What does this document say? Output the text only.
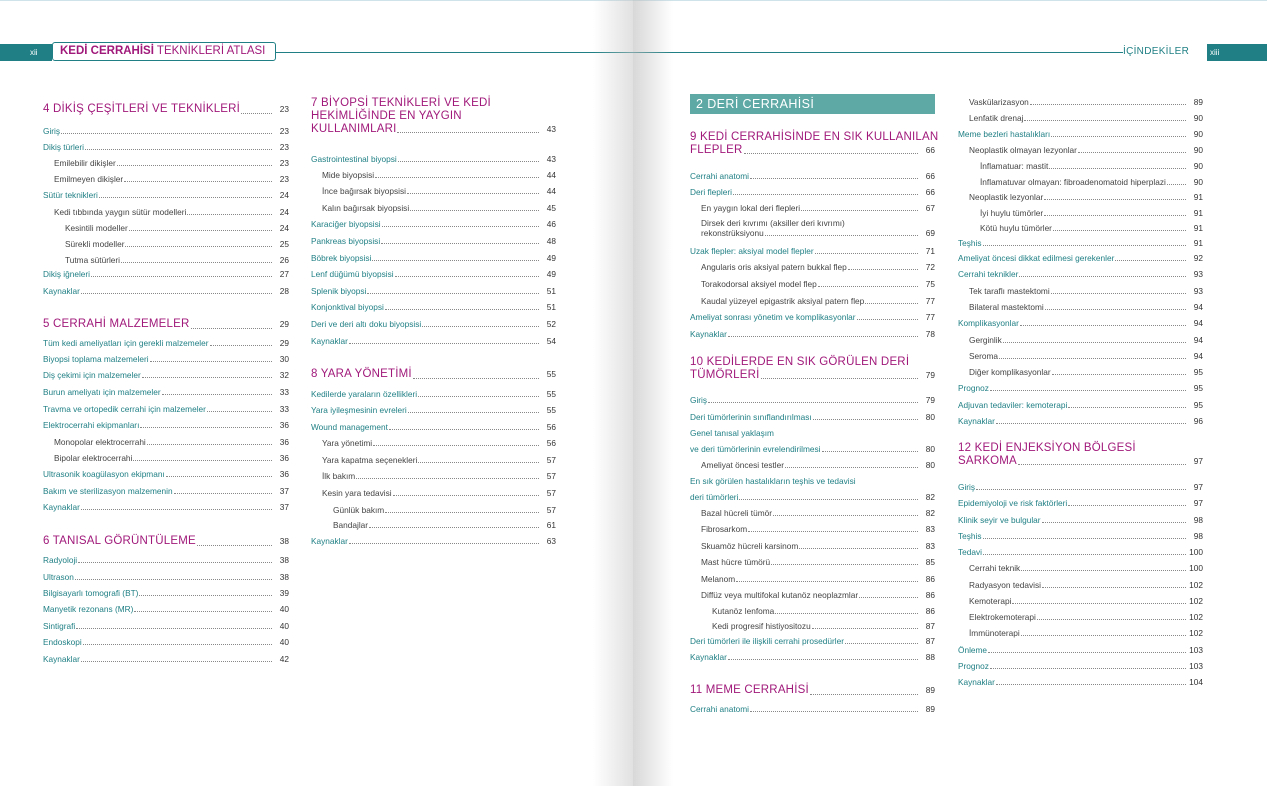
xii	KEDİ CERRAHİSİ TEKNİKLERİ ATLASI	İÇİNDEKİLER	xiii
2 DERİ CERRAHİSİ
4 DİKİŞ ÇEŞİTLERİ VE TEKNİKLERİ	23
Giriş	23
Dikiş türleri	23
Emilebilir dikişler	23
Emilmeyen dikişler	23
Sütür teknikleri	24
Kedi tıbbında yaygın sütür modelleri	24
Kesintili modeller	24
Sürekli modeller	25
Tutma sütürleri	26
Dikiş iğneleri	27
Kaynaklar	28
5 CERRAHİ MALZEMELER	29
Tüm kedi ameliyatları için gerekli malzemeler	29
Biyopsi toplama malzemeleri	30
Diş çekimi için malzemeler	32
Burun ameliyatı için malzemeler	33
Travma ve ortopedik cerrahi için malzemeler	33
Elektrocerrahi ekipmanları	36
Monopolar elektrocerrahi	36
Bipolar elektrocerrahi	36
Ultrasonik koagülasyon ekipmanı	36
Bakım ve sterilizasyon malzemenin	37
Kaynaklar	37
6 TANISAL GÖRÜNTÜLEME	38
Radyoloji	38
Ultrason	38
Bilgisayarlı tomografi (BT)	39
Manyetik rezonans (MR)	40
Sintigrafi	40
Endoskopi	40
Kaynaklar	42
7 BİYOPSİ TEKNİKLERİ VE KEDİ
HEKİMLİĞİNDE EN YAYGIN
KULLANIMLARI	43
Gastrointestinal biyopsi	43
Mide biyopsisi	44
İnce bağırsak biyopsisi	44
Kalın bağırsak biyopsisi	45
Karaciğer biyopsisi	46
Pankreas biyopsisi	48
Böbrek biyopsisi	49
Lenf düğümü biyopsisi	49
Splenik biyopsi	51
Konjonktival biyopsi	51
Deri ve deri altı doku biyopsisi	52
Kaynaklar	54
8 YARA YÖNETİMİ	55
Kedilerde yaraların özellikleri	55
Yara iyileşmesinin evreleri	55
Wound management	56
Yara yönetimi	56
Yara kapatma seçenekleri	57
İlk bakım	57
Kesin yara tedavisi	57
Günlük bakım	57
Bandajlar	61
Kaynaklar	63
9 KEDİ CERRAHİSİNDE EN SIK KULLANILAN
FLEPLER	66
Cerrahi anatomi	66
Deri flepleri	66
En yaygın lokal deri flepleri	67
Dirsek deri kıvrımı (aksiller deri kıvrımı)
rekonstrüksiyonu	69
Uzak flepler: aksiyal model flepler	71
Angularis oris aksiyal patern bukkal flep	72
Torakodorsal aksiyel model flep	75
Kaudal yüzeyel epigastrik aksiyal patern flep	77
Ameliyat sonrası yönetim ve komplikasyonlar	77
Kaynaklar	78
10 KEDİLERDE EN SIK GÖRÜLEN DERİ
TÜMÖRLERİ	79
Giriş	79
Deri tümörlerinin sınıflandırılması	80
Genel tanısal yaklaşım
ve deri tümörlerinin evrelendirilmesi	80
Ameliyat öncesi testler	80
En sık görülen hastalıkların teşhis ve tedavisi
deri tümörleri	82
Bazal hücreli tümör	82
Fibrosarkom	83
Skuamöz hücreli karsinom	83
Mast hücre tümörü	85
Melanom	86
Diffüz veya multifokal kutanöz neoplazmlar	86
Kutanöz lenfoma	86
Kedi progresif histiyositozu	87
Deri tümörleri ile ilişkili cerrahi prosedürler	87
Kaynaklar	88
11 MEME CERRAHİSİ	89
Cerrahi anatomi	89
Vaskülarizasyon	89
Lenfatik drenaj	90
Meme bezleri hastalıkları	90
Neoplastik olmayan lezyonlar	90
İnflamatuar: mastit	90
İnflamatuvar olmayan: fibroadenomatoid hiperplazi	90
Neoplastik lezyonlar	91
İyi huylu tümörler	91
Kötü huylu tümörler	91
Teşhis	91
Ameliyat öncesi dikkat edilmesi gerekenler	92
Cerrahi teknikler	93
Tek taraflı mastektomi	93
Bilateral mastektomi	94
Komplikasyonlar	94
Gerginlik	94
Seroma	94
Diğer komplikasyonlar	95
Prognoz	95
Adjuvan tedaviler: kemoterapi	95
Kaynaklar	96
12 KEDİ ENJEKSİYON BÖLGESİ
SARKOMA	97
Giriş	97
Epidemiyoloji ve risk faktörleri	97
Klinik seyir ve bulgular	98
Teşhis	98
Tedavi	100
Cerrahi teknik	100
Radyasyon tedavisi	102
Kemoterapi	102
Elektrokemoterapi	102
İmmünoterapi	102
Önleme	103
Prognoz	103
Kaynaklar	104
